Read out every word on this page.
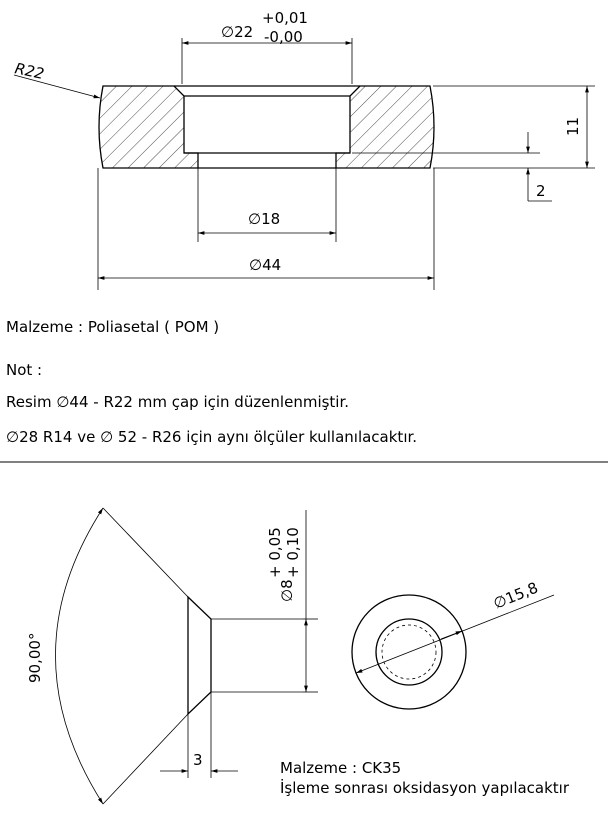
∅22
+0,01
-0,00
R22
11
2
∅18
∅44
90,00°
∅8
+ 0,05 + 0,10
3
∅15,8
Malzeme : Poliasetal ( POM )
Not :
Resim ∅44 - R22 mm çap için düzenlenmiştir.
∅28 R14 ve ∅ 52 - R26 için aynı ölçüler kullanılacaktır.
Malzeme : CK35
İşleme sonrası oksidasyon yapılacaktır
